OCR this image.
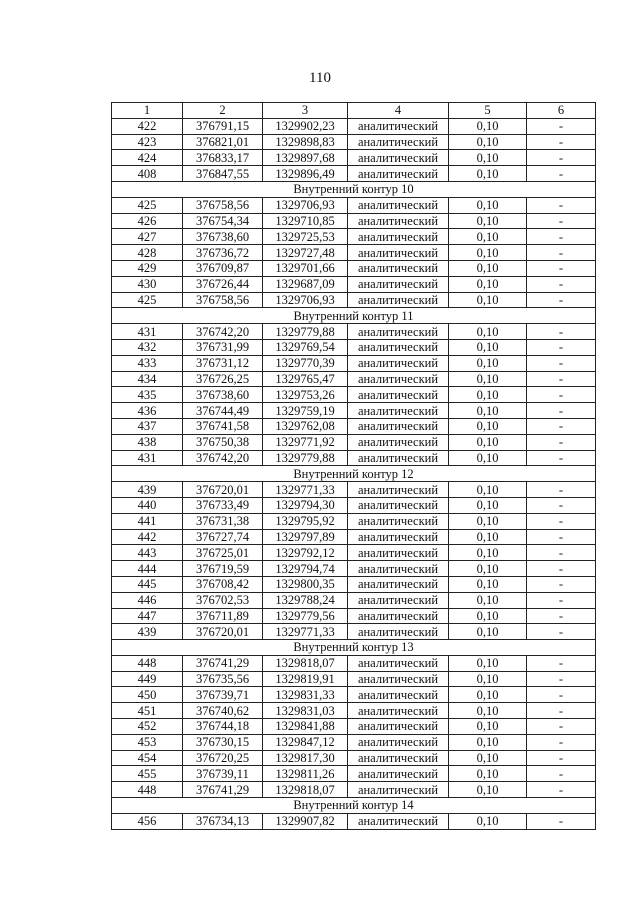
110
1	2	3	4	5	6
422	376791,15	1329902,23	аналитический	0,10	-
423	376821,01	1329898,83	аналитический	0,10	-
424	376833,17	1329897,68	аналитический	0,10	-
408	376847,55	1329896,49	аналитический	0,10	-
Внутренний контур 10					
425	376758,56	1329706,93	аналитический	0,10	-
426	376754,34	1329710,85	аналитический	0,10	-
427	376738,60	1329725,53	аналитический	0,10	-
428	376736,72	1329727,48	аналитический	0,10	-
429	376709,87	1329701,66	аналитический	0,10	-
430	376726,44	1329687,09	аналитический	0,10	-
425	376758,56	1329706,93	аналитический	0,10	-
Внутренний контур 11					
431	376742,20	1329779,88	аналитический	0,10	-
432	376731,99	1329769,54	аналитический	0,10	-
433	376731,12	1329770,39	аналитический	0,10	-
434	376726,25	1329765,47	аналитический	0,10	-
435	376738,60	1329753,26	аналитический	0,10	-
436	376744,49	1329759,19	аналитический	0,10	-
437	376741,58	1329762,08	аналитический	0,10	-
438	376750,38	1329771,92	аналитический	0,10	-
431	376742,20	1329779,88	аналитический	0,10	-
Внутренний контур 12					
439	376720,01	1329771,33	аналитический	0,10	-
440	376733,49	1329794,30	аналитический	0,10	-
441	376731,38	1329795,92	аналитический	0,10	-
442	376727,74	1329797,89	аналитический	0,10	-
443	376725,01	1329792,12	аналитический	0,10	-
444	376719,59	1329794,74	аналитический	0,10	-
445	376708,42	1329800,35	аналитический	0,10	-
446	376702,53	1329788,24	аналитический	0,10	-
447	376711,89	1329779,56	аналитический	0,10	-
439	376720,01	1329771,33	аналитический	0,10	-
Внутренний контур 13					
448	376741,29	1329818,07	аналитический	0,10	-
449	376735,56	1329819,91	аналитический	0,10	-
450	376739,71	1329831,33	аналитический	0,10	-
451	376740,62	1329831,03	аналитический	0,10	-
452	376744,18	1329841,88	аналитический	0,10	-
453	376730,15	1329847,12	аналитический	0,10	-
454	376720,25	1329817,30	аналитический	0,10	-
455	376739,11	1329811,26	аналитический	0,10	-
448	376741,29	1329818,07	аналитический	0,10	-
Внутренний контур 14					
456	376734,13	1329907,82	аналитический	0,10	-
